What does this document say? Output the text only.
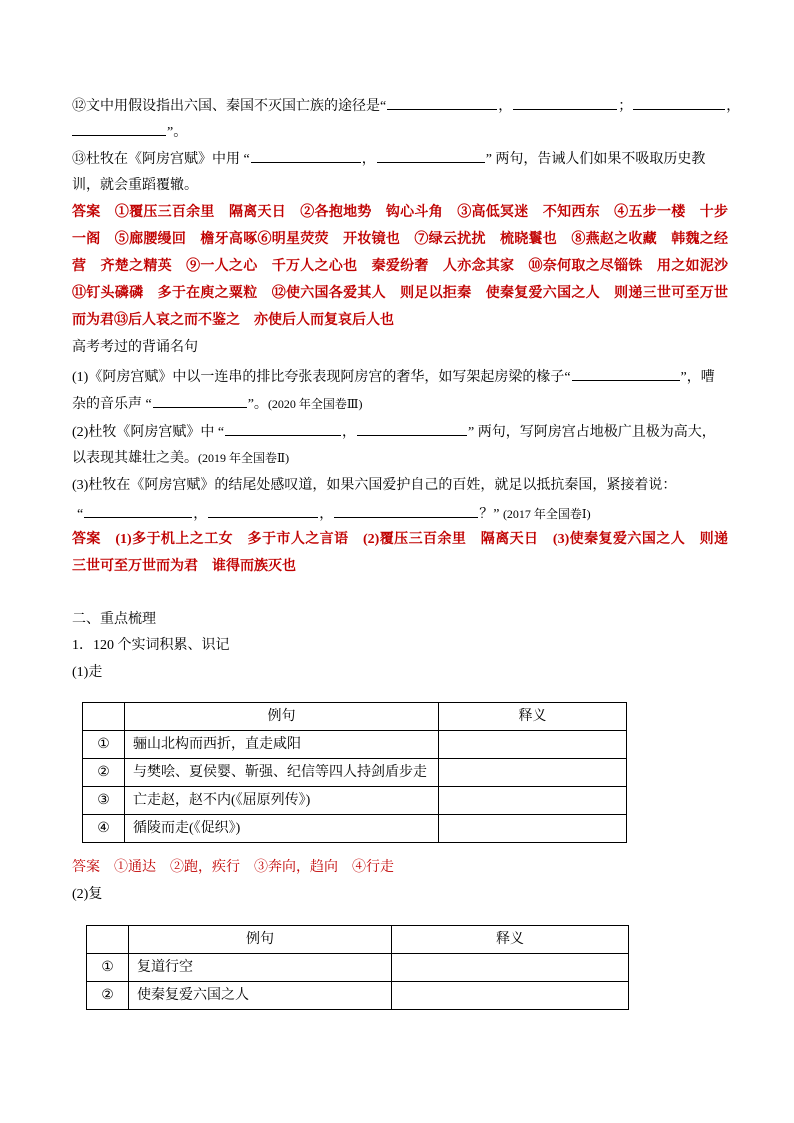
⑫文中用假设指出六国、秦国不灭国亡族的途径是“	，	；	，
”。
⑬杜牧在《阿房宫赋》中用 “	，	” 两句，告诫人们如果不吸取历史教
训，就会重蹈覆辙。
答案　 ①覆压三百余里　隔离天日　②各抱地势　钩心斗角　③高低冥迷　不知西东　④五步一楼　十步
一阁　⑤廊腰缦回　檐牙高啄⑥明星荧荧　开妆镜也　⑦绿云扰扰　梳晓鬟也　⑧燕赵之收藏　韩魏之经
营　齐楚之精英　⑨一人之心　千万人之心也　秦爱纷奢　人亦念其家　⑩奈何取之尽锱铢　用之如泥沙
⑪钉头磷磷　多于在庾之粟粒　⑫使六国各爱其人　则足以拒秦　使秦复爱六国之人　则递三世可至万世
而为君⑬后人哀之而不鉴之　亦使后人而复哀后人也
高考考过的背诵名句
(1)《阿房宫赋》中以一连串的排比夸张表现阿房宫的奢华，如写架起房梁的椽子“	”，嘈
杂的音乐声 “	”。(2020 年全国卷Ⅲ)
(2)杜牧《阿房宫赋》中 “	，	” 两句，写阿房宫占地极广且极为高大，
以表现其雄壮之美。(2019 年全国卷Ⅱ)
(3)杜牧在《阿房宫赋》的结尾处感叹道，如果六国爱护自己的百姓，就足以抵抗秦国，紧接着说：
“	，	，	？” (2017 年全国卷Ⅰ)
答案　 (1)多于机上之工女　多于市人之言语　(2)覆压三百余里　隔离天日　(3)使秦复爱六国之人　则递
三世可至万世而为君　谁得而族灭也
二、重点梳理
1．120 个实词积累、识记
(1)走
	例句	释义
①	骊山北构而西折，直走咸阳	
②	与樊哙、夏侯婴、靳强、纪信等四人持剑盾步走	
③	亡走赵，赵不内(《屈原列传》)	
④	循陵而走(《促织》)	
答案　 ①通达　②跑，疾行　③奔向，趋向　④行走
(2)复
	例句	释义
①	复道行空	
②	使秦复爱六国之人	
